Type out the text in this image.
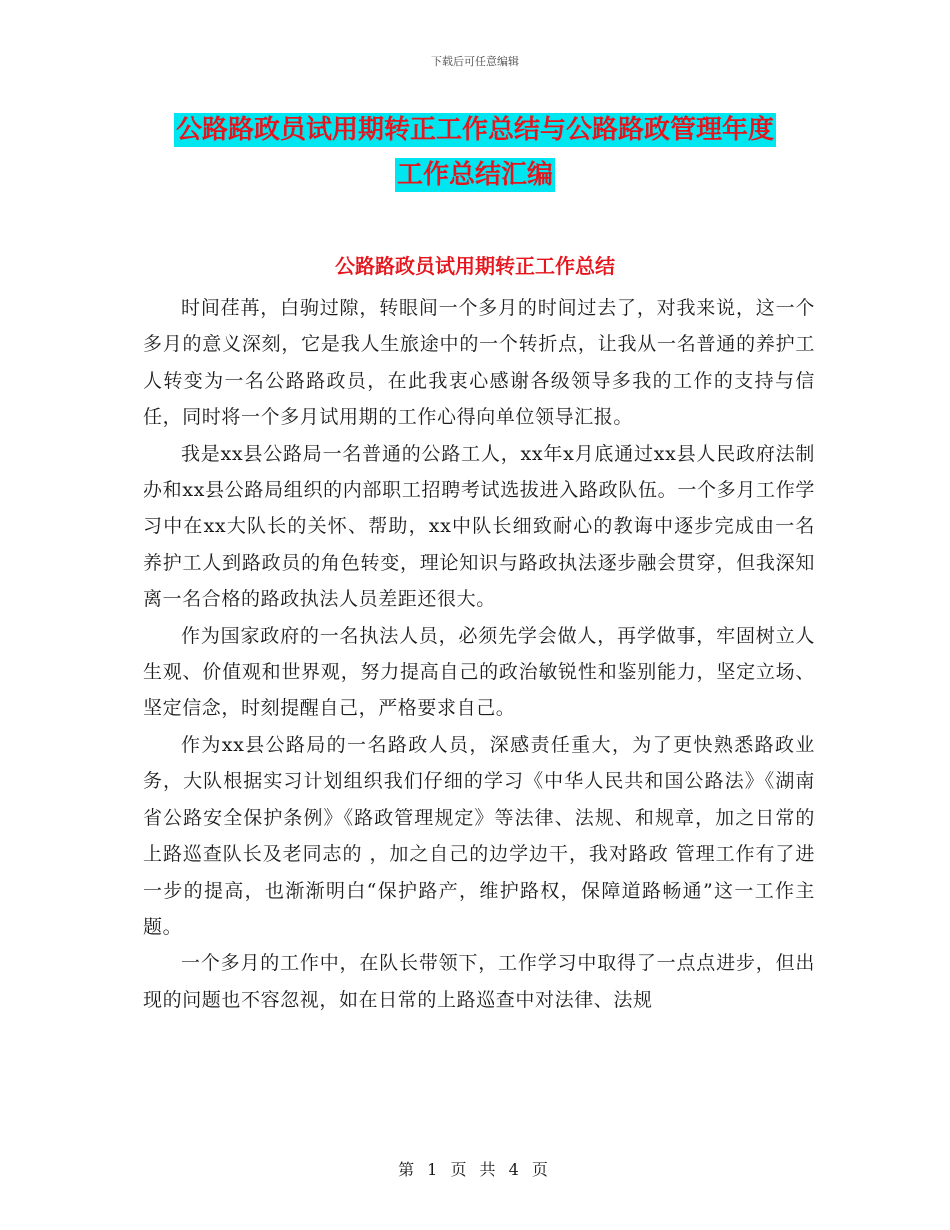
下载后可任意编辑
公路路政员试用期转正工作总结与公路路政管理年度
工作总结汇编
公路路政员试用期转正工作总结

时间荏苒，白驹过隙，转眼间一个多月的时间过去了，对我来说，这一个多月的意义深刻，它是我人生旅途中的一个转折点，让我从一名普通的养护工人转变为一名公路路政员，在此我衷心感谢各级领导多我的工作的支持与信任，同时将一个多月试用期的工作心得向单位领导汇报。

我是xx县公路局一名普通的公路工人，xx年x月底通过xx县人民政府法制办和xx县公路局组织的内部职工招聘考试选拔进入路政队伍。一个多月工作学习中在xx大队长的关怀、帮助，xx中队长细致耐心的教诲中逐步完成由一名养护工人到路政员的角色转变，理论知识与路政执法逐步融会贯穿，但我深知离一名合格的路政执法人员差距还很大。

作为国家政府的一名执法人员，必须先学会做人，再学做事，牢固树立人生观、价值观和世界观，努力提高自己的政治敏锐性和鉴别能力，坚定立场、坚定信念，时刻提醒自己，严格要求自己。

作为xx县公路局的一名路政人员，深感责任重大，为了更快熟悉路政业务，大队根据实习计划组织我们仔细的学习《中华人民共和国公路法》《湖南省公路安全保护条例》《路政管理规定》等法律、法规、和规章，加之日常的上路巡查队长及老同志的 ，加之自己的边学边干，我对路政 管理工作有了进一步的提高，也渐渐明白“保护路产，维护路权，保障道路畅通”这一工作主题。

一个多月的工作中，在队长带领下，工作学习中取得了一点点进步，但出现的问题也不容忽视，如在日常的上路巡查中对法律、法规

第 1 页 共 4 页
